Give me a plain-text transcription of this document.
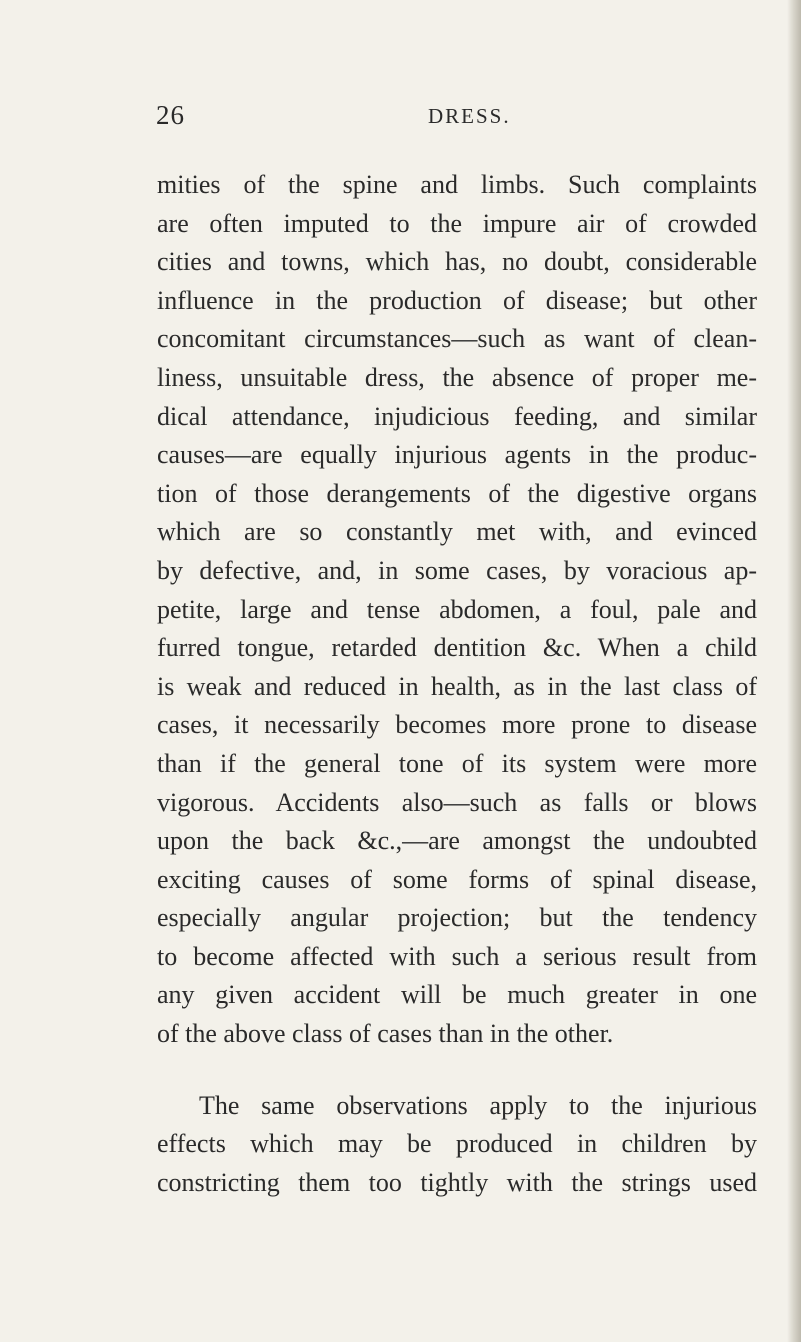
26	DRESS.
mities of the spine and limbs. Such complaints
are often imputed to the impure air of crowded
cities and towns, which has, no doubt, considerable
influence in the production of disease; but other
concomitant circumstances—such as want of clean-
liness, unsuitable dress, the absence of proper me-
dical attendance, injudicious feeding, and similar
causes—are equally injurious agents in the produc-
tion of those derangements of the digestive organs
which are so constantly met with, and evinced
by defective, and, in some cases, by voracious ap-
petite, large and tense abdomen, a foul, pale and
furred tongue, retarded dentition &c. When a child
is weak and reduced in health, as in the last class of
cases, it necessarily becomes more prone to disease
than if the general tone of its system were more
vigorous. Accidents also—such as falls or blows
upon the back &c.,—are amongst the undoubted
exciting causes of some forms of spinal disease,
especially angular projection; but the tendency
to become affected with such a serious result from
any given accident will be much greater in one
of the above class of cases than in the other.
The same observations apply to the injurious
effects which may be produced in children by
constricting them too tightly with the strings used
